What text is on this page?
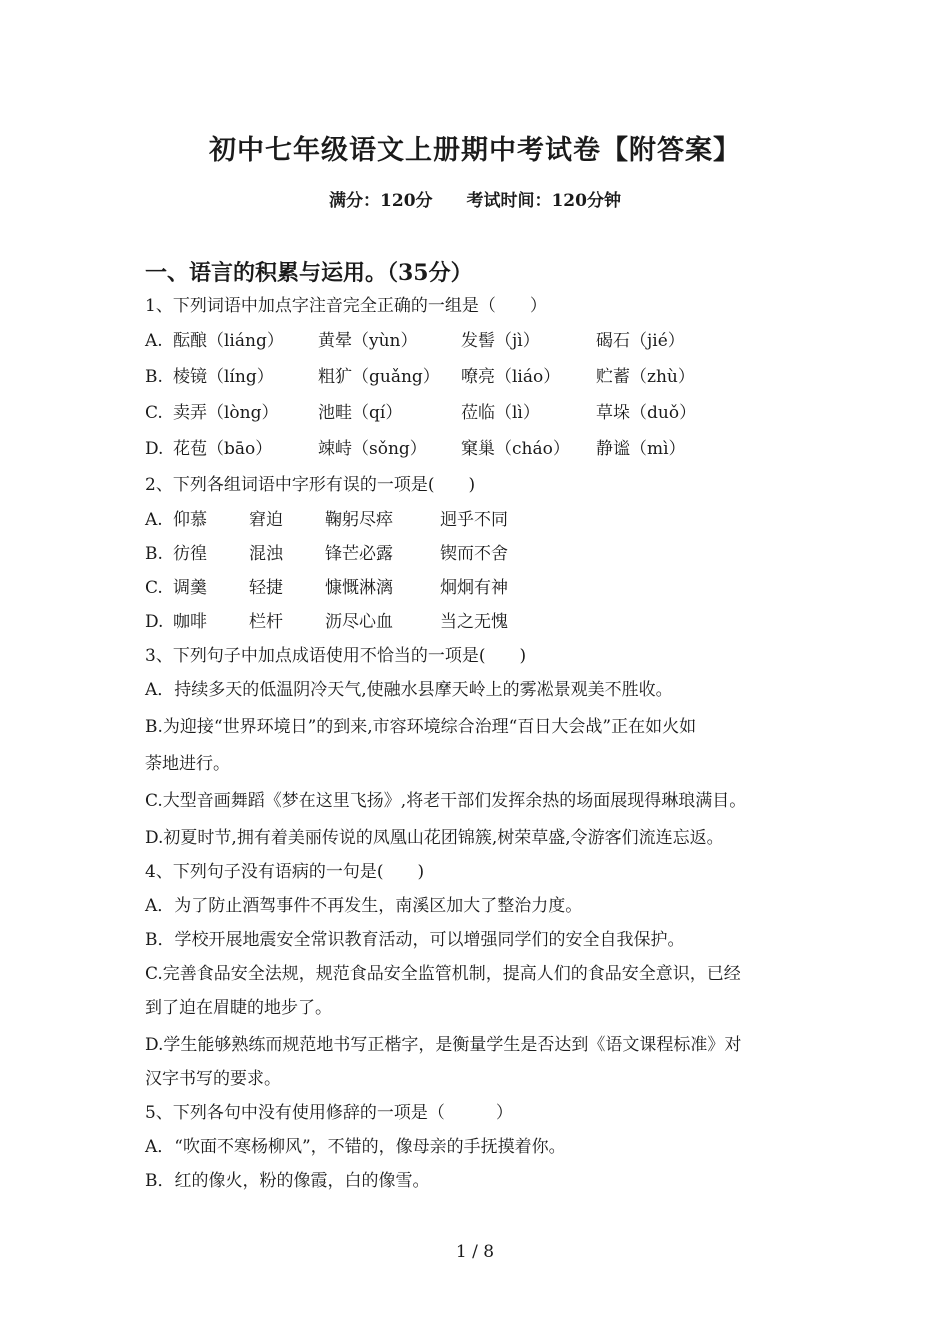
初中七年级语文上册期中考试卷【附答案】
满分：120分 考试时间：120分钟
一、语言的积累与运用。（35分）
1、下列词语中加点字注音完全正确的一组是（　　）
A. 酝酿（liáng） 黄晕（yùn）	发髻（jì）	碣石（jié）
B. 棱镜（líng）	粗犷（guǎng） 嘹亮（liáo） 贮蓄（zhù）
C. 卖弄（lòng） 池畦（qí）	莅临（lì）	草垛（duǒ）
D. 花苞（bāo）	竦峙（sǒng） 窠巢（cháo） 静谧（mì）
2、下列各组词语中字形有误的一项是(　　)
A. 仰慕 窘迫 鞠躬尽瘁	迥乎不同
B. 彷徨 混浊 锋芒必露	锲而不舍
C. 调羹 轻捷 慷慨淋漓	炯炯有神
D. 咖啡 栏杆 沥尽心血	当之无愧
3、下列句子中加点成语使用不恰当的一项是(　　)
A．持续多天的低温阴冷天气,使融水县摩天岭上的雾凇景观美不胜收。
B.为迎接“世界环境日”的到来,市容环境综合治理“百日大会战”正在如火如
荼地进行。
C.大型音画舞蹈《梦在这里飞扬》,将老干部们发挥余热的场面展现得琳琅满目。
D.初夏时节,拥有着美丽传说的凤凰山花团锦簇,树荣草盛,令游客们流连忘返。
4、下列句子没有语病的一句是(　　)
A．为了防止酒驾事件不再发生，南溪区加大了整治力度。
B．学校开展地震安全常识教育活动，可以增强同学们的安全自我保护。
C.完善食品安全法规，规范食品安全监管机制，提高人们的食品安全意识，已经
到了迫在眉睫的地步了。
D.学生能够熟练而规范地书写正楷字，是衡量学生是否达到《语文课程标准》对
汉字书写的要求。
5、下列各句中没有使用修辞的一项是（　　　）
A．“吹面不寒杨柳风”，不错的，像母亲的手抚摸着你。
B．红的像火，粉的像霞，白的像雪。
1 / 8
